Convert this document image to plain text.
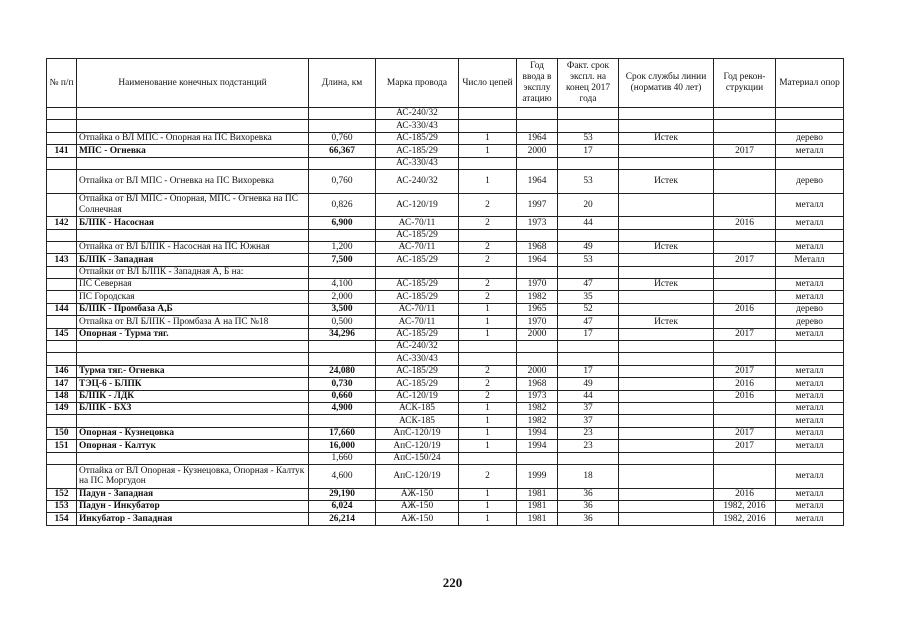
№ п/п	Наименование конечных подстанций	Длина, км	Марка провода	Число цепей	Год ввода в эксплу атацию	Факт. срок экспл. на конец 2017 года	Срок службы линии (норматив 40 лет)	Год рекон- струкции	Материал опор
			АС-240/32						
			АС-330/43						
	Отпайка о ВЛ МПС - Опорная на ПС Вихоревка	0,760	АС-185/29	1	1964	53	Истек		дерево
141	МПС - Огневка	66,367	АС-185/29	1	2000	17		2017	металл
			АС-330/43						
	Отпайка от ВЛ МПС - Огневка на ПС Вихоревка	0,760	АС-240/32	1	1964	53	Истек		дерево
	Отпайка от ВЛ МПС - Опорная, МПС - Огневка на ПС Солнечная	0,826	АС-120/19	2	1997	20			металл
142	БЛПК - Насосная	6,900	АС-70/11	2	1973	44		2016	металл
			АС-185/29						
	Отпайка от ВЛ БЛПК - Насосная на ПС Южная	1,200	АС-70/11	2	1968	49	Истек		металл
143	БЛПК - Западная	7,500	АС-185/29	2	1964	53		2017	Металл
	Отпайки от ВЛ БЛПК - Западная А, Б на:								
	ПС Северная	4,100	АС-185/29	2	1970	47	Истек		металл
	ПС Городская	2,000	АС-185/29	2	1982	35			металл
144	БЛПК - Промбаза А,Б	3,500	АС-70/11	1	1965	52		2016	дерево
	Отпайка от ВЛ БЛПК - Промбаза А на ПС №18	0,500	АС-70/11	1	1970	47	Истек		дерево
145	Опорная - Турма тяг.	34,296	АС-185/29	1	2000	17		2017	металл
			АС-240/32						
			АС-330/43						
146	Турма тяг.- Огневка	24,080	АС-185/29	2	2000	17		2017	металл
147	ТЭЦ-6 - БЛПК	0,730	АС-185/29	2	1968	49		2016	металл
148	БЛПК - ЛДК	0,660	АС-120/19	2	1973	44		2016	металл
149	БЛПК - БХЗ	4,900	АСК-185	1	1982	37			металл
			АСК-185	1	1982	37			металл
150	Опорная - Кузнецовка	17,660	АпС-120/19	1	1994	23		2017	металл
151	Опорная - Калтук	16,000	АпС-120/19	1	1994	23		2017	металл
		1,660	АпС-150/24						
	Отпайка от ВЛ Опорная - Кузнецовка, Опорная - Калтук на ПС Моргудон	4,600	АпС-120/19	2	1999	18			металл
152	Падун - Западная	29,190	АЖ-150	1	1981	36		2016	металл
153	Падун - Инкубатор	6,024	АЖ-150	1	1981	36		1982, 2016	металл
154	Инкубатор - Западная	26,214	АЖ-150	1	1981	36		1982, 2016	металл
220
